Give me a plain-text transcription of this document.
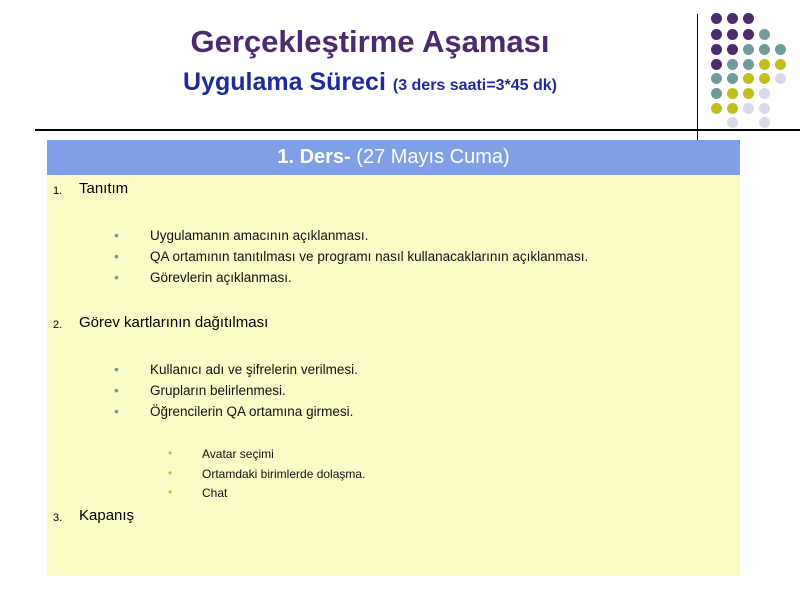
Gerçekleştirme Aşaması
Uygulama Süreci (3 ders saati=3*45 dk)
1. Ders- (27 Mayıs Cuma)
1. Tanıtım
• Uygulamanın amacının açıklanması.
• QA ortamının tanıtılması ve programı nasıl kullanacaklarının açıklanması.
• Görevlerin açıklanması.
2. Görev kartlarının dağıtılması
• Kullanıcı adı ve şifrelerin verilmesi.
• Grupların belirlenmesi.
• Öğrencilerin QA ortamına girmesi.
• Avatar seçimi
• Ortamdaki birimlerde dolaşma.
• Chat
3. Kapanış
